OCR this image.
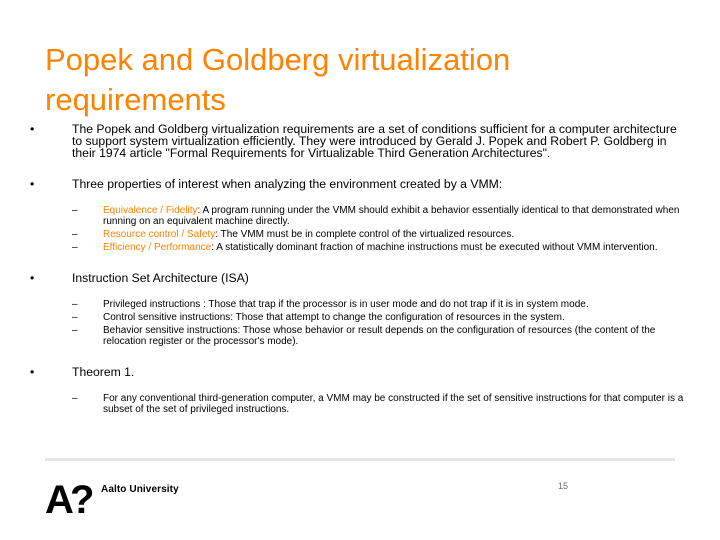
Popek and Goldberg virtualization requirements
•	The Popek and Goldberg virtualization requirements are a set of conditions sufficient for a computer architecture to support system virtualization efficiently. They were introduced by Gerald J. Popek and Robert P. Goldberg in their 1974 article "Formal Requirements for Virtualizable Third Generation Architectures".
•	Three properties of interest when analyzing the environment created by a VMM:
–	Equivalence / Fidelity: A program running under the VMM should exhibit a behavior essentially identical to that demonstrated when running on an equivalent machine directly.
–	Resource control / Safety: The VMM must be in complete control of the virtualized resources.
–	Efficiency / Performance: A statistically dominant fraction of machine instructions must be executed without VMM intervention.
•	Instruction Set Architecture (ISA)
–	Privileged instructions : Those that trap if the processor is in user mode and do not trap if it is in system mode.
–	Control sensitive instructions: Those that attempt to change the configuration of resources in the system.
–	Behavior sensitive instructions: Those whose behavior or result depends on the configuration of resources (the content of the relocation register or the processor's mode).
•	Theorem 1.
–	For any conventional third-generation computer, a VMM may be constructed if the set of sensitive instructions for that computer is a subset of the set of privileged instructions.
A
? Aalto University	15
